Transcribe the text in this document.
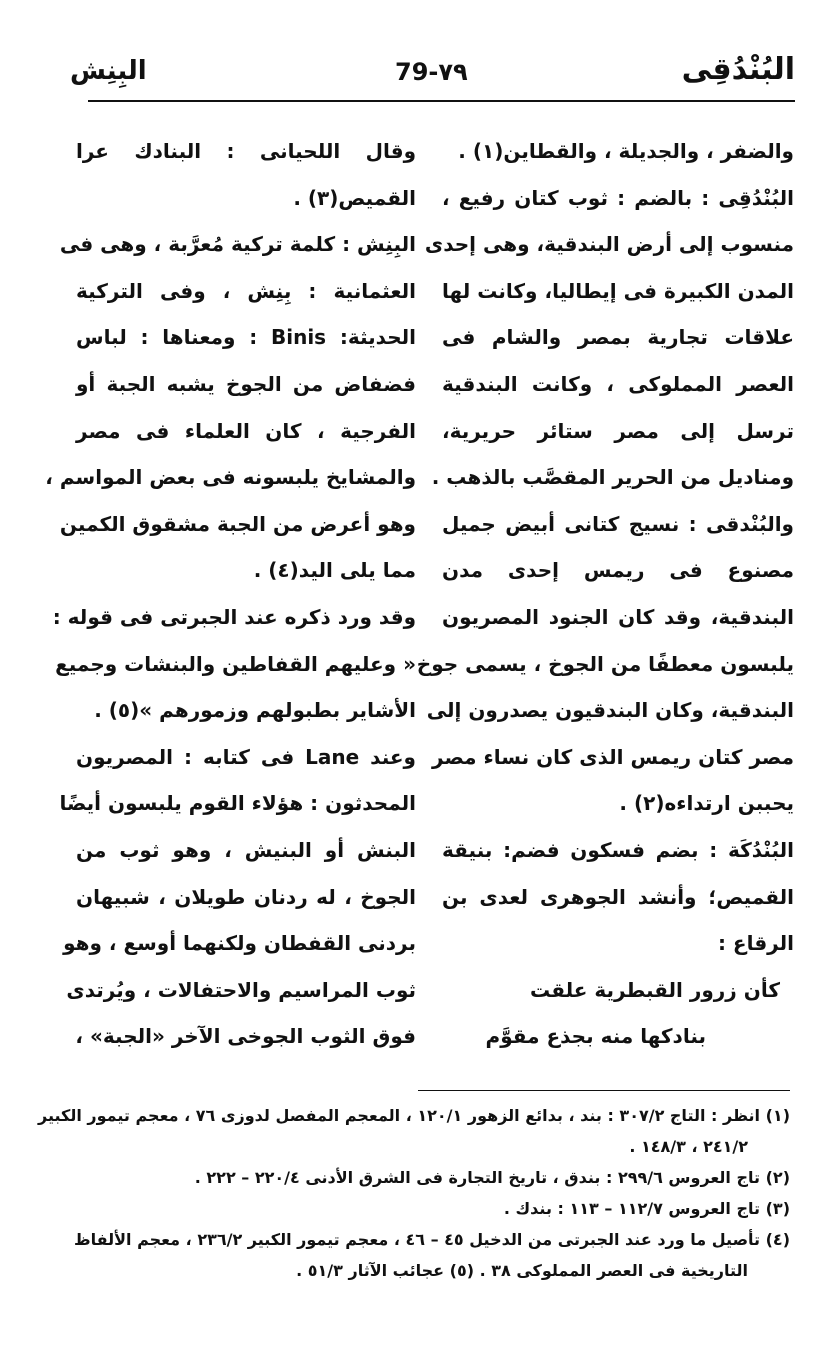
البُنْدُقِى
79-٧٩
البِنِش
والضفر ، والجديلة ، والقطاين(١) .
البُنْدُقِى : بالضم : ثوب كتان رفيع ،
منسوب إلى أرض البندقية، وهى إحدى
المدن الكبيرة فى إيطاليا، وكانت لها
علاقات تجارية بمصر والشام فى
العصر المملوكى ، وكانت البندقية
ترسل إلى مصر ستائر حريرية،
ومناديل من الحرير المقصَّب بالذهب .
والبُنْدقى : نسيج كتانى أبيض جميل
مصنوع فى ريمس إحدى مدن
البندقية، وقد كان الجنود المصريون
يلبسون معطفًا من الجوخ ، يسمى جوخ
البندقية، وكان البندقيون يصدرون إلى
مصر كتان ريمس الذى كان نساء مصر
يحببن ارتداءه(٢) .
البُنْدُكَة : بضم فسكون فضم: بنيقة
القميص؛ وأنشد الجوهرى لعدى بن
الرقاع :
كأن زرور القبطرية علقت
بنادكها منه بجذع مقوَّم
وقال اللحيانى : البنادك عرا
القميص(٣) .
البِنِش : كلمة تركية مُعرَّبة ، وهى فى
العثمانية : بِنِش ، وفى التركية
الحديثة: Binis : ومعناها : لباس
فضفاض من الجوخ يشبه الجبة أو
الفرجية ، كان العلماء فى مصر
والمشايخ يلبسونه فى بعض المواسم ،
وهو أعرض من الجبة مشقوق الكمين
مما يلى اليد(٤) .
وقد ورد ذكره عند الجبرتى فى قوله :
« وعليهم القفاطين والبنشات وجميع
الأشاير بطبولهم وزمورهم »(٥) .
وعند Lane فى كتابه : المصريون
المحدثون : هؤلاء القوم يلبسون أيضًا
البنش أو البنيش ، وهو ثوب من
الجوخ ، له ردنان طويلان ، شبيهان
بردنى القفطان ولكنهما أوسع ، وهو
ثوب المراسيم والاحتفالات ، ويُرتدى
فوق الثوب الجوخى الآخر «الجبة» ،
(١) انظر : التاج ٣٠٧/٢ : بند ، بدائع الزهور ١٢٠/١ ، المعجم المفصل لدوزى ٧٦ ، معجم تيمور الكبير
٢٤١/٢ ، ١٤٨/٣ .
(٢) تاج العروس ٢٩٩/٦ : بندق ، تاريخ التجارة فى الشرق الأدنى ٢٢٠/٤ – ٢٢٢ .
(٣) تاج العروس ١١٢/٧ – ١١٣ : بندك .
(٤) تأصيل ما ورد عند الجبرتى من الدخيل ٤٥ – ٤٦ ، معجم تيمور الكبير ٢٣٦/٢ ، معجم الألفاظ
التاريخية فى العصر المملوكى ٣٨ . (٥) عجائب الآثار ٥١/٣ .
